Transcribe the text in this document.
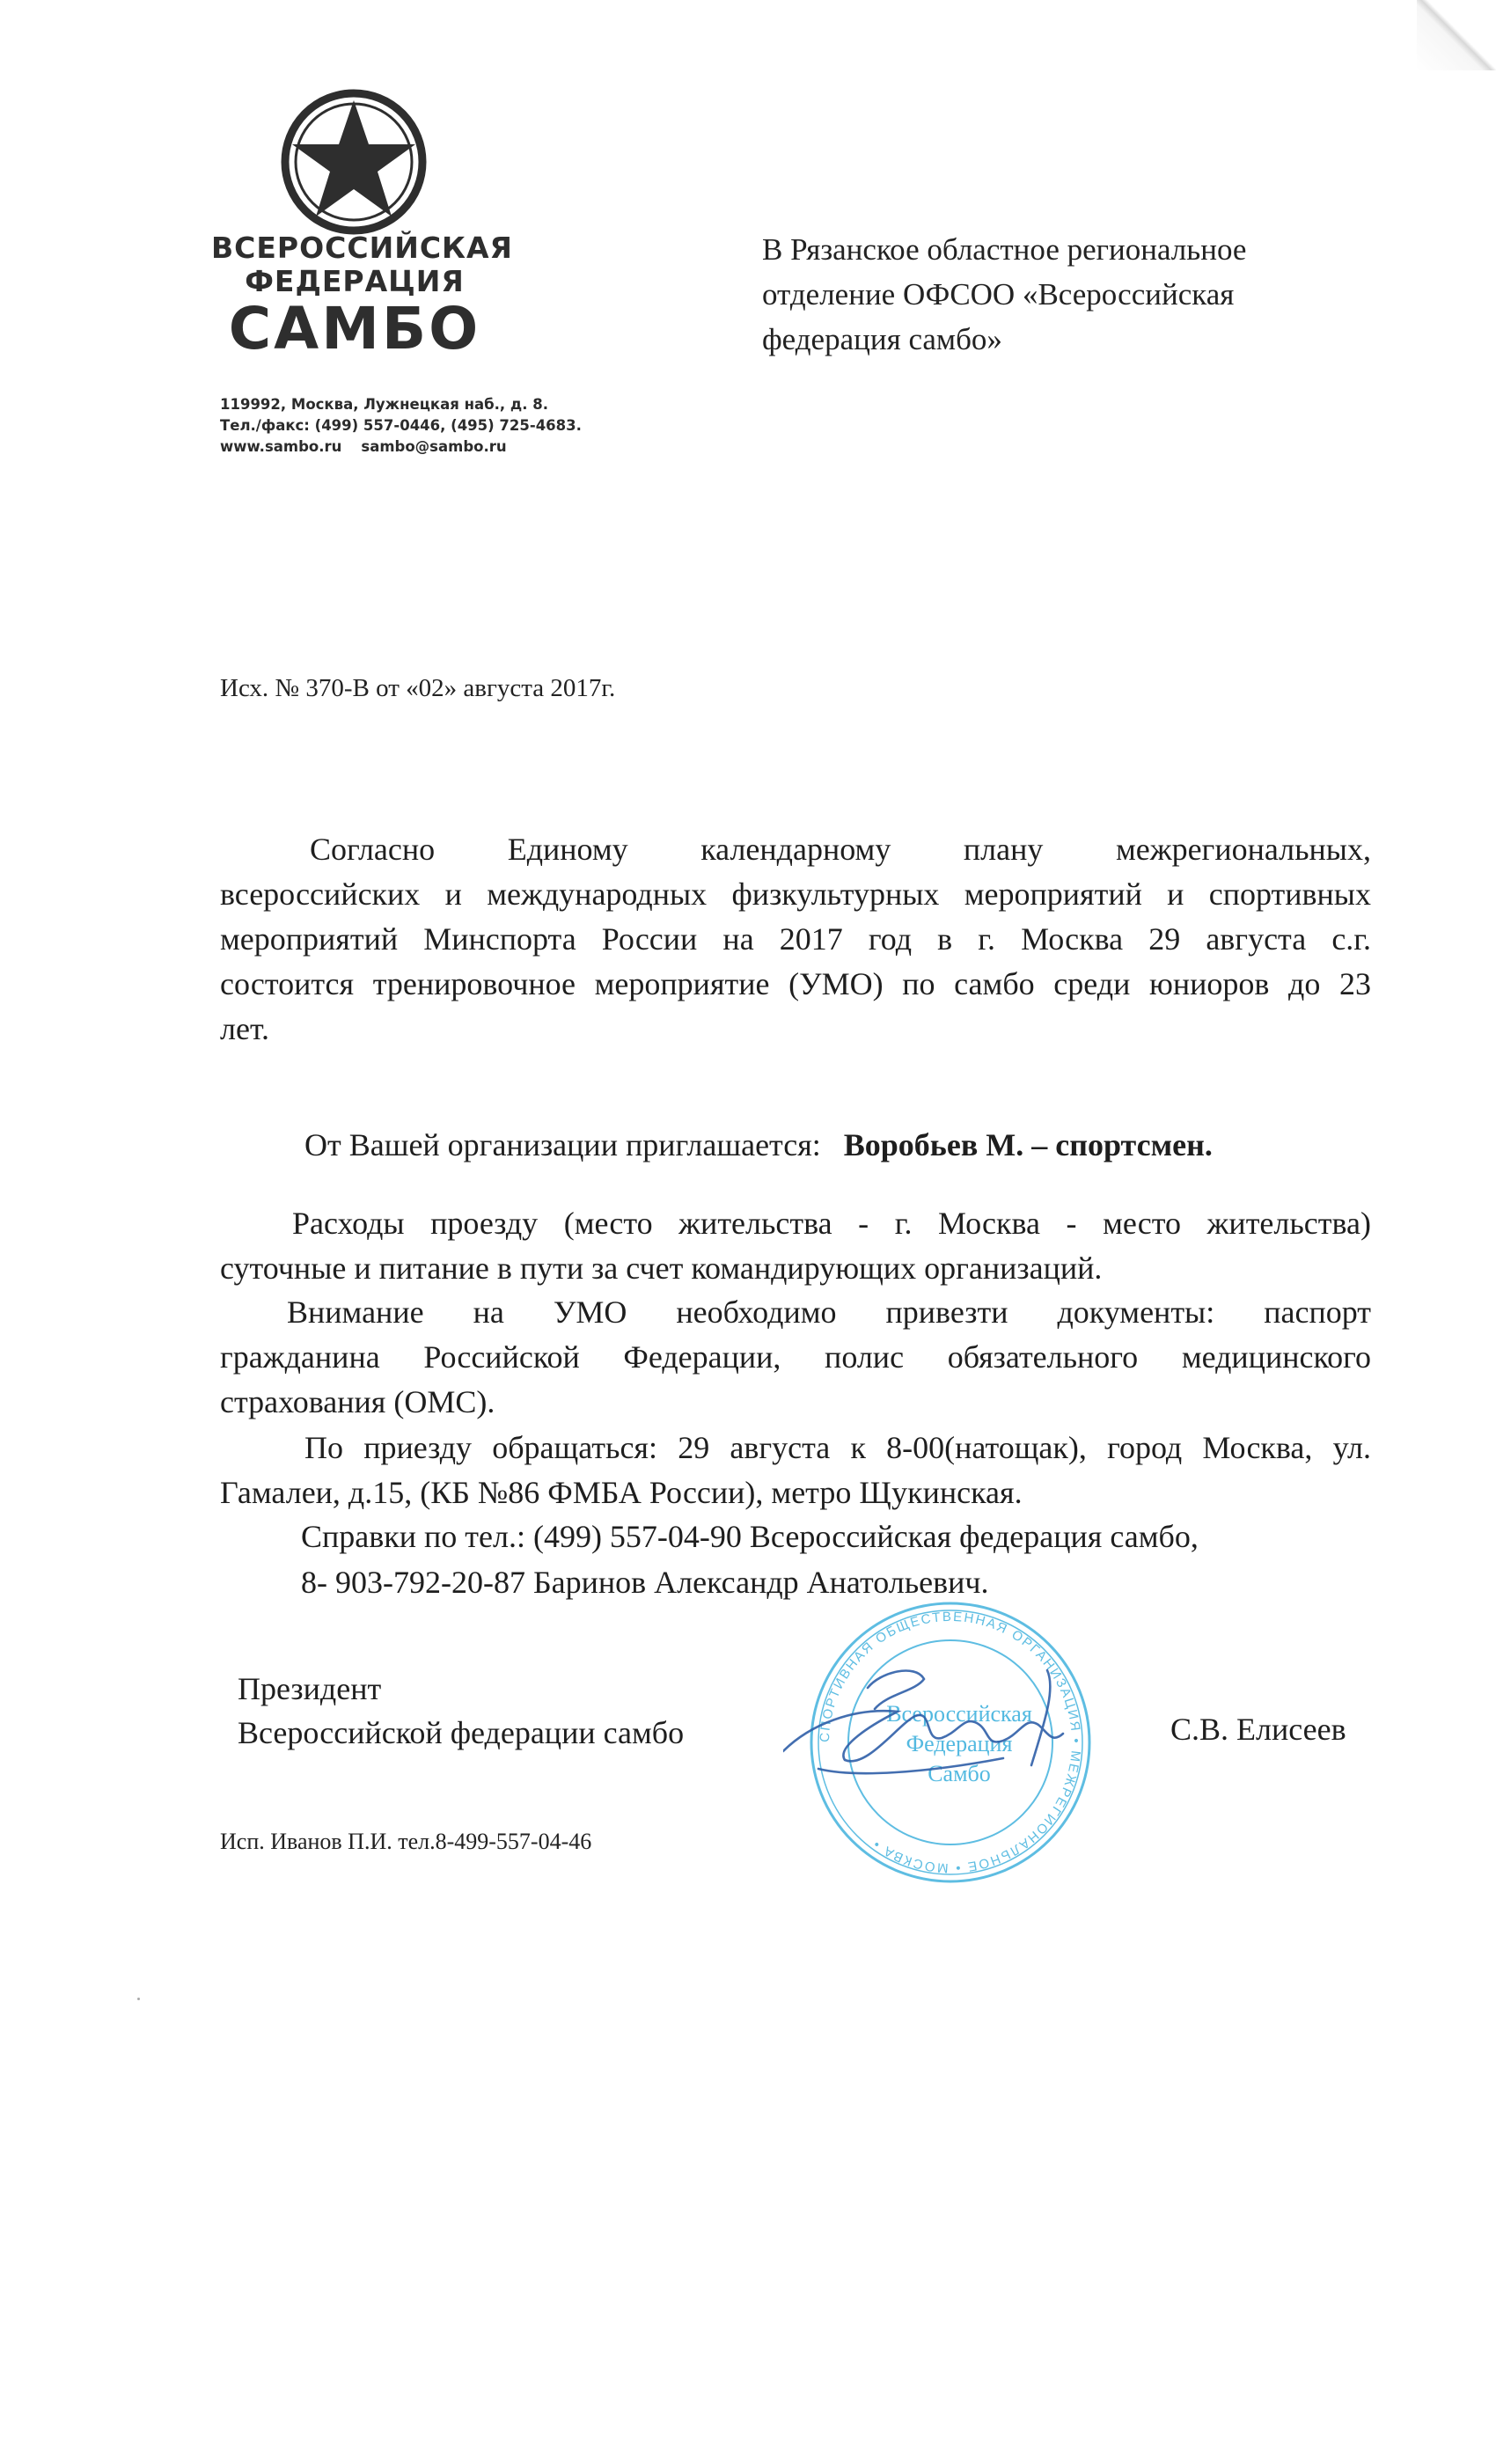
ВСЕРОССИЙСКАЯ
ФЕДЕРАЦИЯ
САМБО
119992, Москва, Лужнецкая наб., д. 8.
Тел./факс: (499) 557-0446, (495) 725-4683.
www.sambo.ru sambo@sambo.ru
В Рязанское областное региональное
отделение ОФСОО «Всероссийская
федерация самбо»
Исх. № 370-В от «02» августа 2017г.
Согласно Единому календарному плану межрегиональных,
всероссийских и международных физкультурных мероприятий и спортивных
мероприятий Минспорта России на 2017 год в г. Москва 29 августа с.г.
состоится тренировочное мероприятие (УМО) по самбо среди юниоров до 23
лет.
От Вашей организации приглашается: Воробьев М. – спортсмен.
Расходы проезду (место жительства - г. Москва - место жительства)
суточные и питание в пути за счет командирующих организаций.
Внимание на УМО необходимо привезти документы: паспорт
гражданина Российской Федерации, полис обязательного медицинского
страхования (ОМС).
По приезду обращаться: 29 августа к 8-00(натощак), город Москва, ул.
Гамалеи, д.15, (КБ №86 ФМБА России), метро Щукинская.
Справки по тел.: (499) 557-04-90 Всероссийская федерация самбо,
8- 903-792-20-87 Баринов Александр Анатольевич.
СПОРТИВНАЯ ОБЩЕСТВЕННАЯ ОРГАНИЗАЦИЯ • МЕЖРЕГИОНАЛЬНОЕ • МОСКВА •
Всероссийская
Федерация
Самбо
Президент
Всероссийской федерации самбо	С.В. Елисеев
Исп. Иванов П.И. тел.8-499-557-04-46
